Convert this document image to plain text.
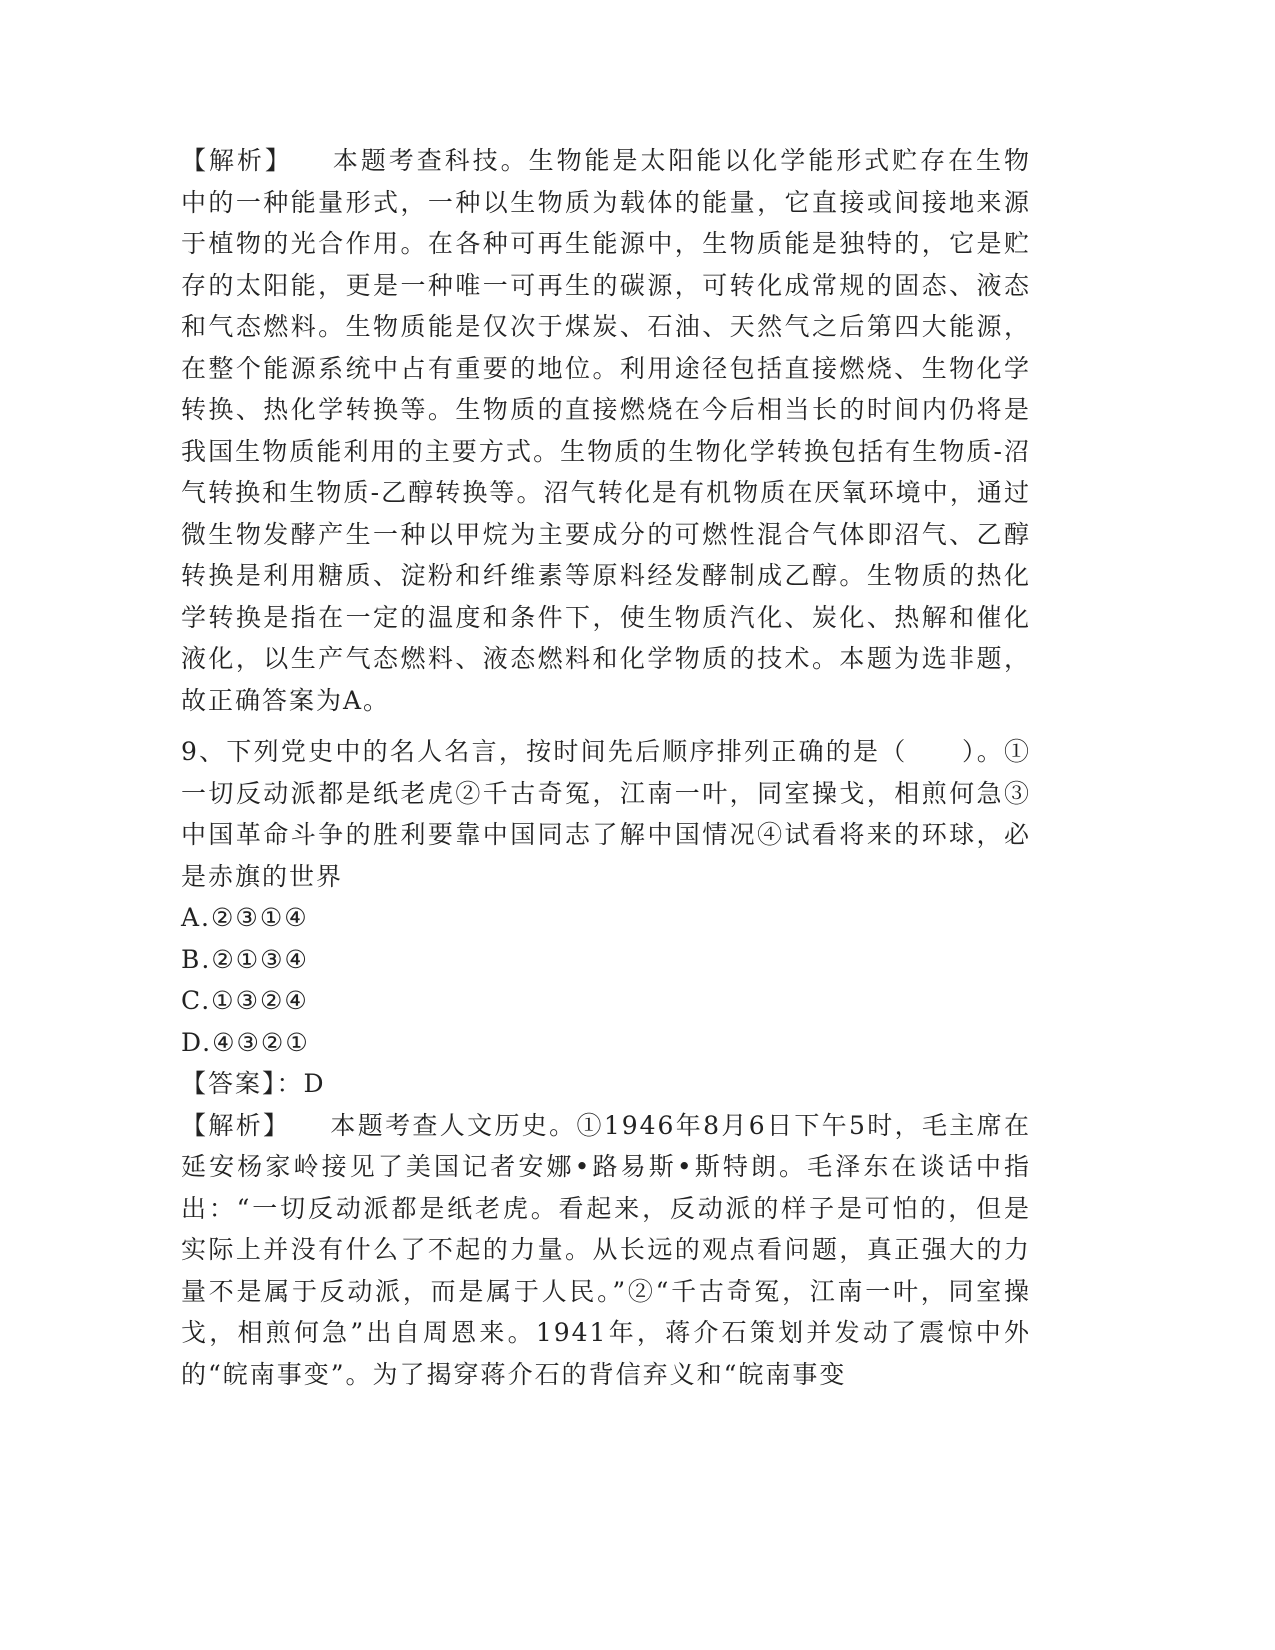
【解析】 本题考查科技。生物能是太阳能以化学能形式贮存在生物中的一种能量形式，一种以生物质为载体的能量，它直接或间接地来源于植物的光合作用。在各种可再生能源中，生物质能是独特的，它是贮存的太阳能，更是一种唯一可再生的碳源，可转化成常规的固态、液态和气态燃料。生物质能是仅次于煤炭、石油、天然气之后第四大能源，在整个能源系统中占有重要的地位。利用途径包括直接燃烧、生物化学转换、热化学转换等。生物质的直接燃烧在今后相当长的时间内仍将是我国生物质能利用的主要方式。生物质的生物化学转换包括有生物质-沼气转换和生物质-乙醇转换等。沼气转化是有机物质在厌氧环境中，通过微生物发酵产生一种以甲烷为主要成分的可燃性混合气体即沼气、乙醇转换是利用糖质、淀粉和纤维素等原料经发酵制成乙醇。生物质的热化学转换是指在一定的温度和条件下，使生物质汽化、炭化、热解和催化液化，以生产气态燃料、液态燃料和化学物质的技术。本题为选非题，故正确答案为A。

9、下列党史中的名人名言，按时间先后顺序排列正确的是（　　）。①一切反动派都是纸老虎②千古奇冤，江南一叶，同室操戈，相煎何急③中国革命斗争的胜利要靠中国同志了解中国情况④试看将来的环球，必是赤旗的世界

A.②③①④

B.②①③④

C.①③②④

D.④③②①

【答案】：D

【解析】 本题考查人文历史。①1946年8月6日下午5时，毛主席在延安杨家岭接见了美国记者安娜•路易斯•斯特朗。毛泽东在谈话中指出：“一切反动派都是纸老虎。看起来，反动派的样子是可怕的，但是实际上并没有什么了不起的力量。从长远的观点看问题，真正强大的力量不是属于反动派，而是属于人民。”②“千古奇冤，江南一叶，同室操戈，相煎何急”出自周恩来。1941年，蒋介石策划并发动了震惊中外的“皖南事变”。为了揭穿蒋介石的背信弃义和“皖南事变
